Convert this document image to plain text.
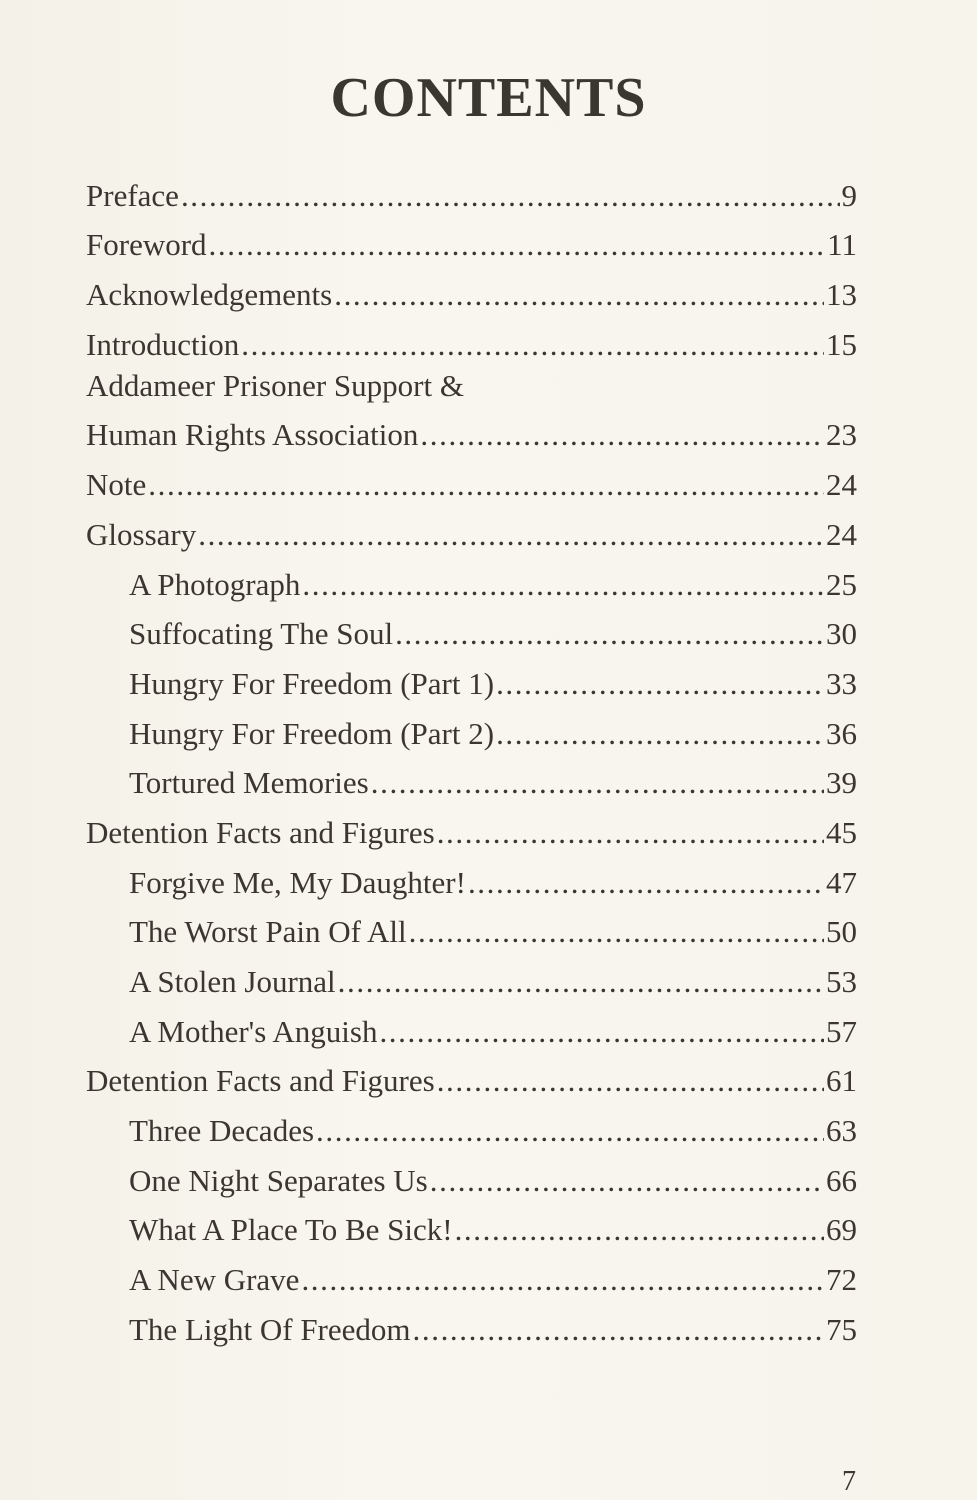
CONTENTS
Preface .....	9
Foreword .....	11
Acknowledgements .....	13
Introduction .....	15
Addameer Prisoner Support &
Human Rights Association .....	23
Note .....	24
Glossary .....	24
A Photograph .....	25
Suffocating The Soul .....	30
Hungry For Freedom (Part 1) .....	33
Hungry For Freedom (Part 2) .....	36
Tortured Memories .....	39
Detention Facts and Figures .....	45
Forgive Me, My Daughter! .....	47
The Worst Pain Of All .....	50
A Stolen Journal .....	53
A Mother's Anguish .....	57
Detention Facts and Figures .....	61
Three Decades .....	63
One Night Separates Us .....	66
What A Place To Be Sick! .....	69
A New Grave .....	72
The Light Of Freedom .....	75
7
